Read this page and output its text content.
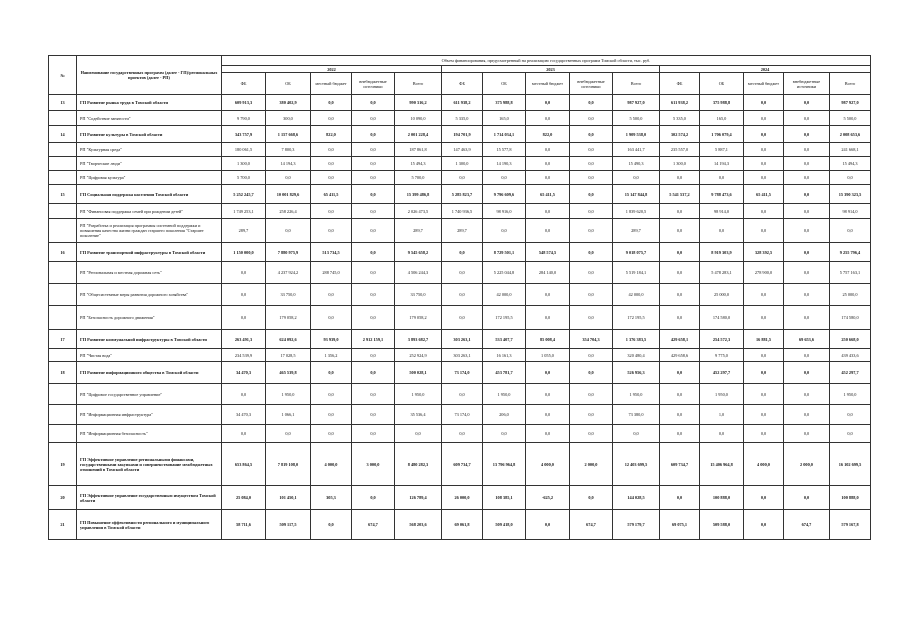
№	Наименование государственных программ (далее - ГП)/региональных проектов (далее - РП)	Объем финансирования, предусмотренный на реализацию государственных программ Томской области, тыс. руб.														
		2022					2023					2024				
		ФБ	ОБ	местный бюджет	внебюджетные источники	Всего	ФБ	ОБ	местный бюджет	внебюджетные источники	Всего	ФБ	ОБ	местный бюджет	внебюджетные источники	Всего
13	ГП Развитие рынка труда в Томской области	609 913,3	380 402,9	0,0	0,0	990 316,2	611 938,2	375 988,8	0,0	0,0	987 927,0	611 938,2	375 988,8	0,0	0,0	987 927,0
	РП "Содействие занятости"	9 790,0	300,0	0,0	0,0	10 090,0	5 335,0	165,0	0,0	0,0	5 500,0	5 335,0	165,0	0,0	0,0	5 500,0
14	ГП Развитие культуры в Томской области	343 757,9	1 157 668,6	822,0	0,0	2 001 228,4	194 701,9	1 714 034,1	822,0	0,0	1 909 538,0	302 574,2	1 706 079,4	0,0	0,0	2 008 653,6
	РП "Культурная среда"	180 061,5	7 800,3	0,0	0,0	187 861,8	147 463,9	15 577,8	0,0	0,0	163 441,7	235 557,0	5 887,1	0,0	0,0	241 668,1
	РП "Творческие люди"	1 300,0	14 194,3	0,0	0,0	15 494,3	1 300,0	14 190,3	0,0	0,0	15 490,3	1 300,0	14 194,3	0,0	0,0	15 494,3
	РП "Цифровая культура"	5 700,0	0,0	0,0	0,0	5 700,0	0,0	0,0	0,0	0,0	0,0	0,0	0,0	0,0	0,0	0,0
15	ГП Социальная поддержка населения Томской области	5 252 245,7	10 001 829,6	65 411,5	0,0	15 399 486,8	5 285 823,7	9 796 609,6	65 411,5	0,0	15 147 844,8	5 541 537,2	9 788 473,6	65 411,5	0,0	15 390 323,5
	РП "Финансовая поддержка семей при рождении детей"	1 749 253,1	258 226,4	0,0	0,0	2 026 473,5	1 740 936,5	98 916,0	0,0	0,0	1 839 620,5	0,0	98 914,0	0,0	0,0	98 914,0
	РП "Разработка и реализация программы системной поддержки и повышения качества жизни граждан старшего поколения "Старшее поколение"	289,7	0,0	0,0	0,0	289,7	289,7	0,0	0,0	0,0	289,7	0,0	0,0	0,0	0,0	0,0
16	ГП Развитие транспортной инфраструктуры в Томской области	1 150 000,0	7 880 975,9	513 734,5	0,0	9 545 658,2	0,0	8 729 501,1	548 574,5	0,0	9 018 075,7	0,0	8 919 303,9	328 392,5	0,0	9 255 796,4
	РП "Региональная и местная дорожная сеть"	0,0	4 237 924,2	288 745,0	0,0	4 506 244,3	0,0	5 225 044,8	284 140,0	0,0	5 519 184,1	0,0	5 478 283,1	278 900,0	0,0	5 757 163,1
	РП "Общесистемные меры развития дорожного хозяйства"	0,0	33 750,0	0,0	0,0	33 750,0	0,0	42 000,0	0,0	0,0	42 000,0	0,0	25 000,0	0,0	0,0	25 000,0
	РП "Безопасность дорожного движения"	0,0	179 058,2	0,0	0,0	179 058,2	0,0	172 195,5	0,0	0,0	172 195,5	0,0	174 580,0	0,0	0,0	174 580,0
17	ГП Развитие коммунальной инфраструктуры в Томской области	263 491,3	624 092,6	93 939,0	2 912 159,1	3 893 682,7	303 263,1	533 407,7	85 008,4	354 704,3	1 376 383,5	429 658,1	254 572,3	16 881,5	69 653,6	250 668,0
	РП "Чистая вода"	234 539,9	17 028,5	1 356,2	0,0	252 924,9	303 263,1	16 161,3	1 055,0	0,0	320 480,4	429 658,6	9 775,0	0,0	0,0	439 433,6
18	ГП Развитие информационного общества в Томской области	34 470,3	465 539,8	0,0	0,0	500 028,1	73 174,0	453 781,7	0,0	0,0	526 956,3	0,0	452 297,7	0,0	0,0	452 297,7
	РП "Цифровое государственное управление"	0,0	1 950,0	0,0	0,0	1 950,0	0,0	1 950,0	0,0	0,0	1 950,0	0,0	1 950,0	0,0	0,0	1 950,0
	РП "Информационная инфраструктура"	34 470,3	1 066,1	0,0	0,0	35 536,4	73 174,0	206,0	0,0	0,0	73 380,0	0,0	1,0	0,0	0,0	0,0
	РП "Информационная безопасность"	0,0	0,0	0,0	0,0	0,0	0,0	0,0	0,0	0,0	0,0	0,0	0,0	0,0	0,0	0,0
19	ГП Эффективное управление региональными финансами, государственными закупками и совершенствование межбюджетных отношений в Томской области	653 864,5	7 819 108,0	4 000,0	3 000,0	8 480 282,3	609 734,7	13 796 964,8	4 000,0	2 000,0	12 403 699,5	609 734,7	15 406 964,8	4 000,0	2 000,0	16 102 699,5
20	ГП Эффективное управление государственным имуществом Томской области	25 084,0	101 450,1	305,3	0,0	126 789,4	26 000,0	108 385,1	-625,2	0,0	144 028,5	0,0	100 888,0	0,0	0,0	100 888,0
21	ГП Повышение эффективности регионального и муниципального управления в Томской области	58 711,6	509 117,5	0,0	674,7	568 203,6	69 061,8	509 418,0	0,0	674,7	579 179,7	69 075,1	509 588,0	0,0	674,7	579 167,8
